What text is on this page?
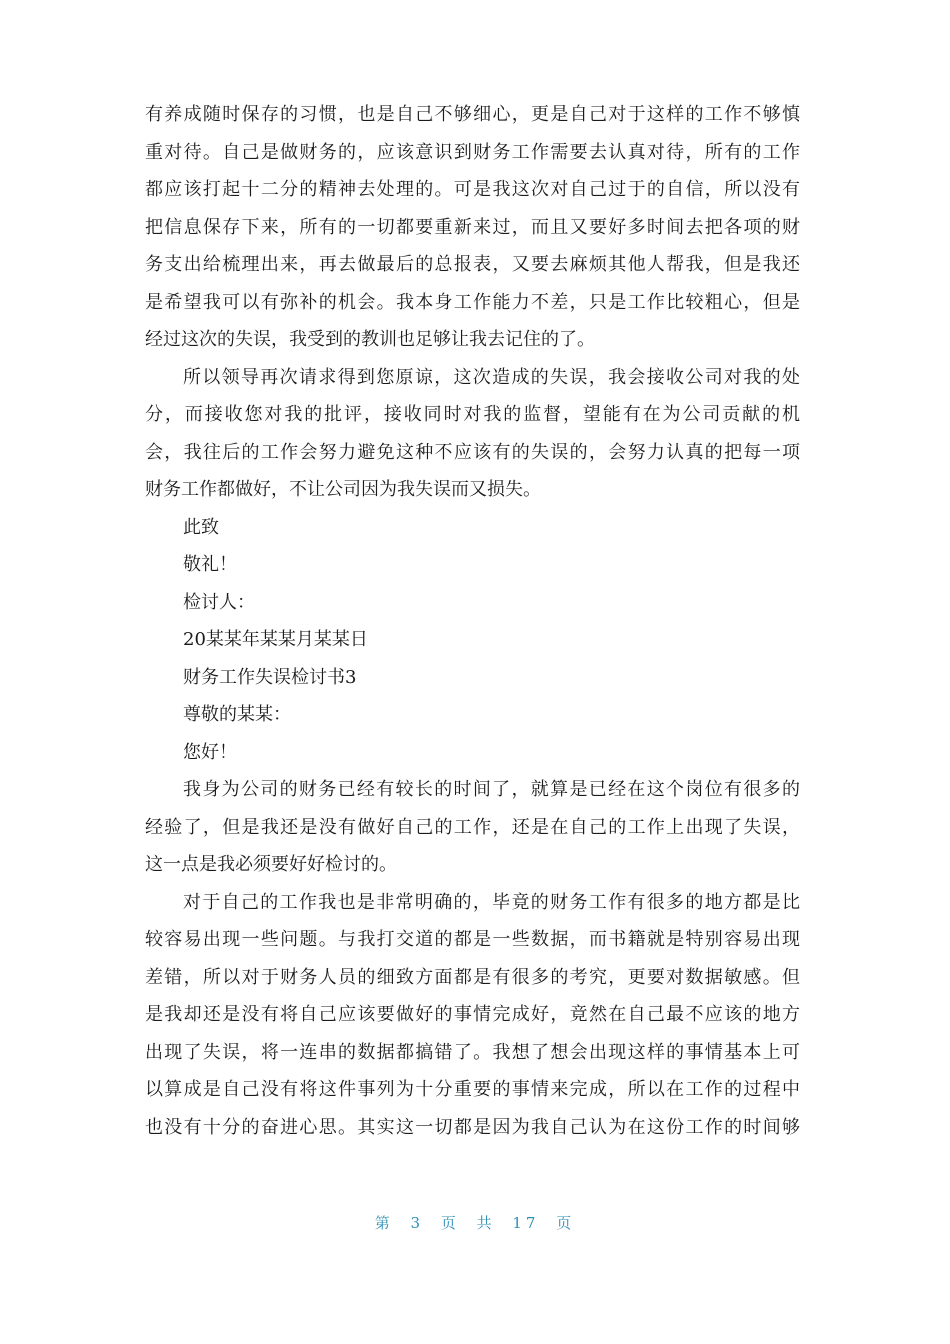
有养成随时保存的习惯，也是自己不够细心，更是自己对于这样的工作不够慎
重对待。自己是做财务的，应该意识到财务工作需要去认真对待，所有的工作
都应该打起十二分的精神去处理的。可是我这次对自己过于的自信，所以没有
把信息保存下来，所有的一切都要重新来过，而且又要好多时间去把各项的财
务支出给梳理出来，再去做最后的总报表，又要去麻烦其他人帮我，但是我还
是希望我可以有弥补的机会。我本身工作能力不差，只是工作比较粗心，但是
经过这次的失误，我受到的教训也足够让我去记住的了。
所以领导再次请求得到您原谅，这次造成的失误，我会接收公司对我的处
分，而接收您对我的批评，接收同时对我的监督，望能有在为公司贡献的机
会，我往后的工作会努力避免这种不应该有的失误的，会努力认真的把每一项
财务工作都做好，不让公司因为我失误而又损失。
此致
敬礼！
检讨人：
20某某年某某月某某日
财务工作失误检讨书3
尊敬的某某：
您好！
我身为公司的财务已经有较长的时间了，就算是已经在这个岗位有很多的
经验了，但是我还是没有做好自己的工作，还是在自己的工作上出现了失误，
这一点是我必须要好好检讨的。
对于自己的工作我也是非常明确的，毕竟的财务工作有很多的地方都是比
较容易出现一些问题。与我打交道的都是一些数据，而书籍就是特别容易出现
差错，所以对于财务人员的细致方面都是有很多的考究，更要对数据敏感。但
是我却还是没有将自己应该要做好的事情完成好，竟然在自己最不应该的地方
出现了失误，将一连串的数据都搞错了。我想了想会出现这样的事情基本上可
以算成是自己没有将这件事列为十分重要的事情来完成，所以在工作的过程中
也没有十分的奋进心思。其实这一切都是因为我自己认为在这份工作的时间够
第 3 页 共 17 页
